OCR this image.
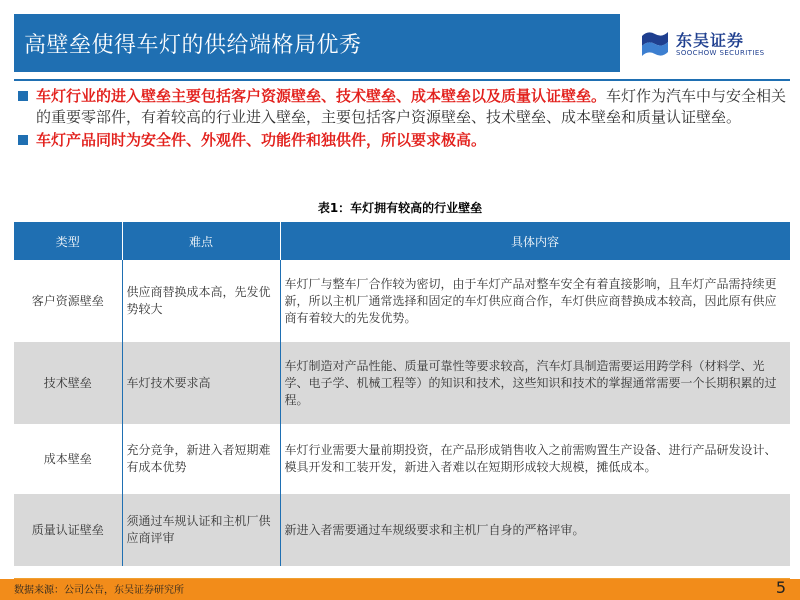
高壁垒使得车灯的供给端格局优秀	东吴证券
SOOCHOW SECURITIES
车灯行业的进入壁垒主要包括客户资源壁垒、技术壁垒、成本壁垒以及质量认证壁垒。车灯作为汽车中与安全相关的重要零部件，有着较高的行业进入壁垒，主要包括客户资源壁垒、技术壁垒、成本壁垒和质量认证壁垒。
车灯产品同时为安全件、外观件、功能件和独供件，所以要求极高。
表1：车灯拥有较高的行业壁垒
类型	难点	具体内容
客户资源壁垒	供应商替换成本高，先发优势较大	车灯厂与整车厂合作较为密切，由于车灯产品对整车安全有着直接影响，且车灯产品需持续更新，所以主机厂通常选择和固定的车灯供应商合作，车灯供应商替换成本较高，因此原有供应商有着较大的先发优势。
技术壁垒	车灯技术要求高	车灯制造对产品性能、质量可靠性等要求较高，汽车灯具制造需要运用跨学科（材料学、光学、电子学、机械工程等）的知识和技术，这些知识和技术的掌握通常需要一个长期积累的过程。
成本壁垒	充分竞争，新进入者短期难有成本优势	车灯行业需要大量前期投资，在产品形成销售收入之前需购置生产设备、进行产品研发设计、模具开发和工装开发，新进入者难以在短期形成较大规模，摊低成本。
质量认证壁垒	须通过车规认证和主机厂供应商评审	新进入者需要通过车规级要求和主机厂自身的严格评审。
数据来源：公司公告，东吴证券研究所	5
